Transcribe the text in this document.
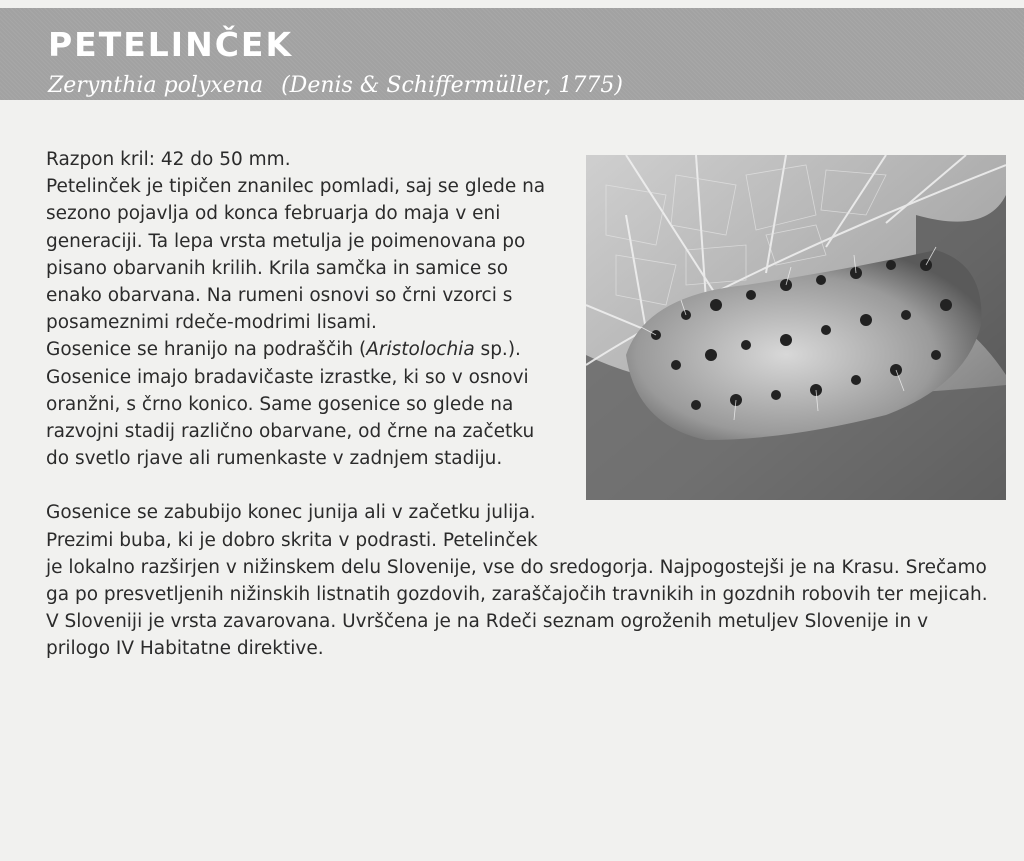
PETELINČEK
Zerynthia polyxena (Denis & Schiffermüller, 1775)

Razpon kril: 42 do 50 mm.

Petelinček je tipičen znanilec pomladi, saj se glede na sezono pojavlja od konca februarja do maja v eni generaciji. Ta lepa vrsta metulja je poimenovana po pisano obarvanih krilih. Krila samčka in samice so enako obarvana. Na rumeni osnovi so črni vzorci s posameznimi rdeče-modrimi lisami.

Gosenice se hranijo na podraščih (Aristolochia sp.). Gosenice imajo bradavičaste izrastke, ki so v osnovi oranžni, s črno konico. Same gosenice so glede na razvojni stadij različno obarvane, od črne na začetku do svetlo rjave ali rumenkaste v zadnjem stadiju.

Gosenice se zabubijo konec junija ali v začetku julija. Prezimi buba, ki je dobro skrita v podrasti. Petelinček je lokalno razširjen v nižinskem delu Slovenije, vse do sredogorja. Najpogostejši je na Krasu. Srečamo ga po presvetljenih nižinskih listnatih gozdovih, zaraščajočih travnikih in gozdnih robovih ter mejicah. V Sloveniji je vrsta zavarovana. Uvrščena je na Rdeči seznam ogroženih metuljev Slovenije in v prilogo IV Habitatne direktive.
